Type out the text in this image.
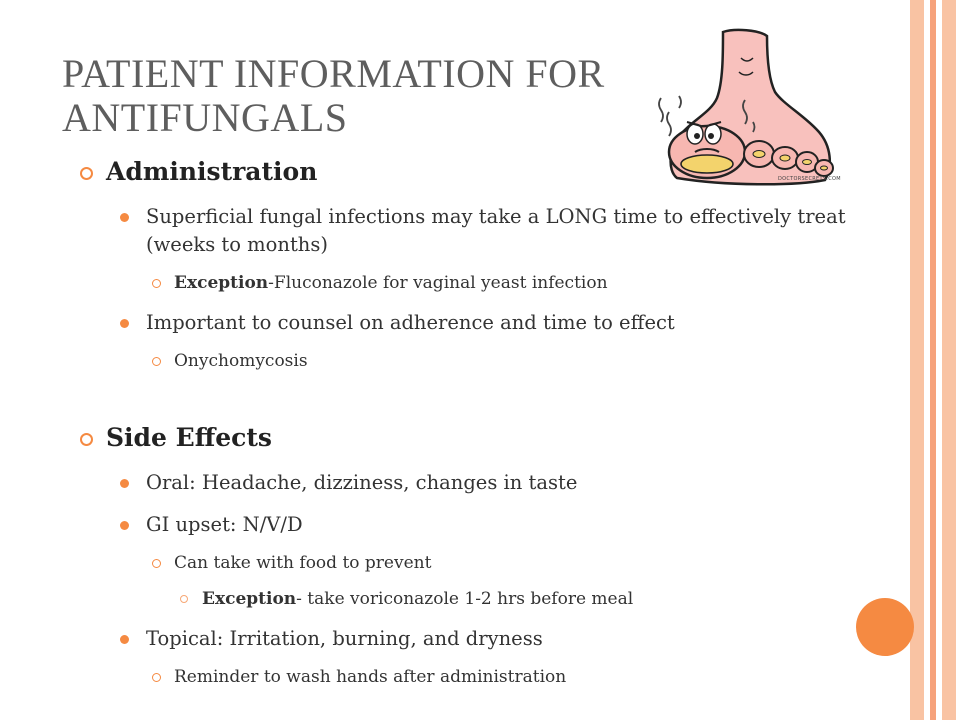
PATIENT INFORMATION FOR
ANTIFUNGALS
DOCTORSECRETS.COM
Administration
Superficial fungal infections may take a LONG time to effectively treat (weeks to months)
Exception-Fluconazole for vaginal yeast infection
Important to counsel on adherence and time to effect
Onychomycosis
Side Effects
Oral: Headache, dizziness, changes in taste
GI upset: N/V/D
Can take with food to prevent
Exception- take voriconazole 1-2 hrs before meal
Topical: Irritation, burning, and dryness
Reminder to wash hands after administration
